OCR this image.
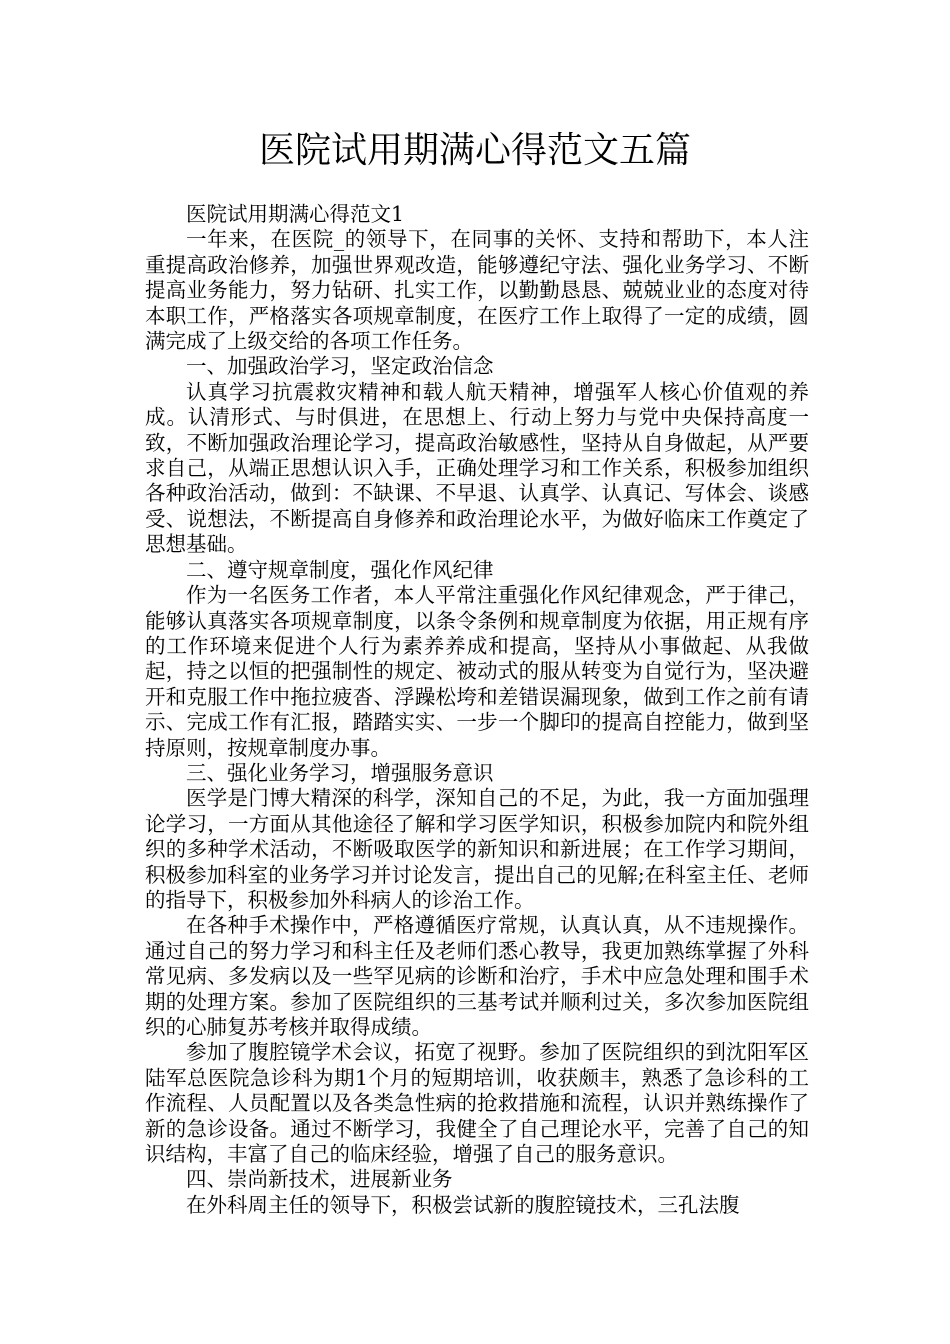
医院试用期满心得范文五篇

医院试用期满心得范文1

一年来，在医院_的领导下，在同事的关怀、支持和帮助下，本人注重提高政治修养，加强世界观改造，能够遵纪守法、强化业务学习、不断提高业务能力，努力钻研、扎实工作，以勤勤恳恳、兢兢业业的态度对待本职工作，严格落实各项规章制度，在医疗工作上取得了一定的成绩，圆满完成了上级交给的各项工作任务。

一、加强政治学习，坚定政治信念

认真学习抗震救灾精神和载人航天精神，增强军人核心价值观的养成。认清形式、与时俱进，在思想上、行动上努力与党中央保持高度一致，不断加强政治理论学习，提高政治敏感性，坚持从自身做起，从严要求自己，从端正思想认识入手，正确处理学习和工作关系，积极参加组织各种政治活动，做到：不缺课、不早退、认真学、认真记、写体会、谈感受、说想法，不断提高自身修养和政治理论水平，为做好临床工作奠定了思想基础。

二、遵守规章制度，强化作风纪律

作为一名医务工作者，本人平常注重强化作风纪律观念，严于律己，能够认真落实各项规章制度，以条令条例和规章制度为依据，用正规有序的工作环境来促进个人行为素养养成和提高，坚持从小事做起、从我做起，持之以恒的把强制性的规定、被动式的服从转变为自觉行为，坚决避开和克服工作中拖拉疲沓、浮躁松垮和差错误漏现象，做到工作之前有请示、完成工作有汇报，踏踏实实、一步一个脚印的提高自控能力，做到坚持原则，按规章制度办事。

三、强化业务学习，增强服务意识

医学是门博大精深的科学，深知自己的不足，为此，我一方面加强理论学习，一方面从其他途径了解和学习医学知识，积极参加院内和院外组织的多种学术活动，不断吸取医学的新知识和新进展；在工作学习期间，积极参加科室的业务学习并讨论发言，提出自己的见解;在科室主任、老师的指导下，积极参加外科病人的诊治工作。

在各种手术操作中，严格遵循医疗常规，认真认真，从不违规操作。通过自己的努力学习和科主任及老师们悉心教导，我更加熟练掌握了外科常见病、多发病以及一些罕见病的诊断和治疗，手术中应急处理和围手术期的处理方案。参加了医院组织的三基考试并顺利过关，多次参加医院组织的心肺复苏考核并取得成绩。

参加了腹腔镜学术会议，拓宽了视野。参加了医院组织的到沈阳军区陆军总医院急诊科为期1个月的短期培训，收获颇丰，熟悉了急诊科的工作流程、人员配置以及各类急性病的抢救措施和流程，认识并熟练操作了新的急诊设备。通过不断学习，我健全了自己理论水平，完善了自己的知识结构，丰富了自己的临床经验，增强了自己的服务意识。

四、崇尚新技术，进展新业务

在外科周主任的领导下，积极尝试新的腹腔镜技术，三孔法腹
